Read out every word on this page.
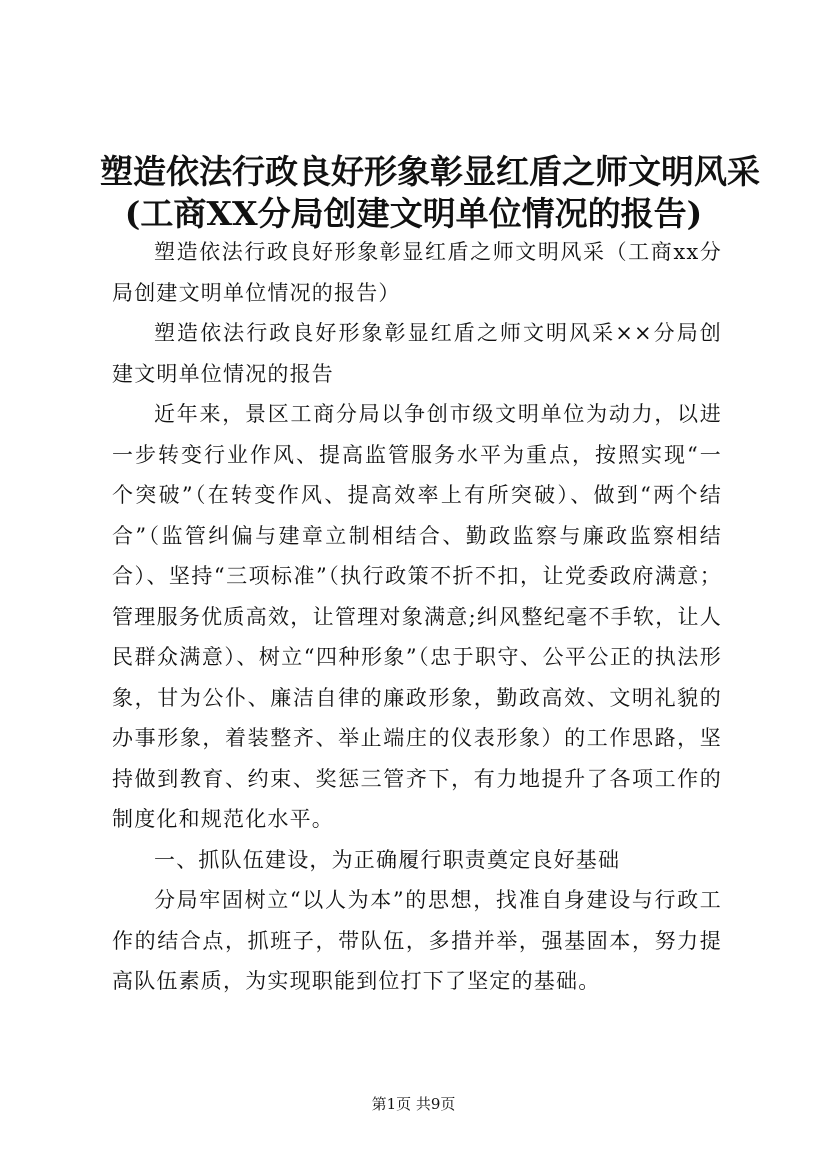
塑造依法行政良好形象彰显红盾之师文明风采
(工商XX分局创建文明单位情况的报告)

塑造依法行政良好形象彰显红盾之师文明风采（工商xx分局创建文明单位情况的报告）

塑造依法行政良好形象彰显红盾之师文明风采××分局创建文明单位情况的报告

近年来，景区工商分局以争创市级文明单位为动力，以进一步转变行业作风、提高监管服务水平为重点，按照实现“一个突破”（在转变作风、提高效率上有所突破）、做到“两个结合”（监管纠偏与建章立制相结合、勤政监察与廉政监察相结合）、坚持“三项标准”（执行政策不折不扣，让党委政府满意；管理服务优质高效，让管理对象满意;纠风整纪毫不手软，让人民群众满意）、树立“四种形象”（忠于职守、公平公正的执法形象，甘为公仆、廉洁自律的廉政形象，勤政高效、文明礼貌的办事形象，着装整齐、举止端庄的仪表形象）的工作思路，坚持做到教育、约束、奖惩三管齐下，有力地提升了各项工作的制度化和规范化水平。

一、抓队伍建设，为正确履行职责奠定良好基础

分局牢固树立“以人为本”的思想，找准自身建设与行政工作的结合点，抓班子，带队伍，多措并举，强基固本，努力提高队伍素质，为实现职能到位打下了坚定的基础。

第1页 共9页
